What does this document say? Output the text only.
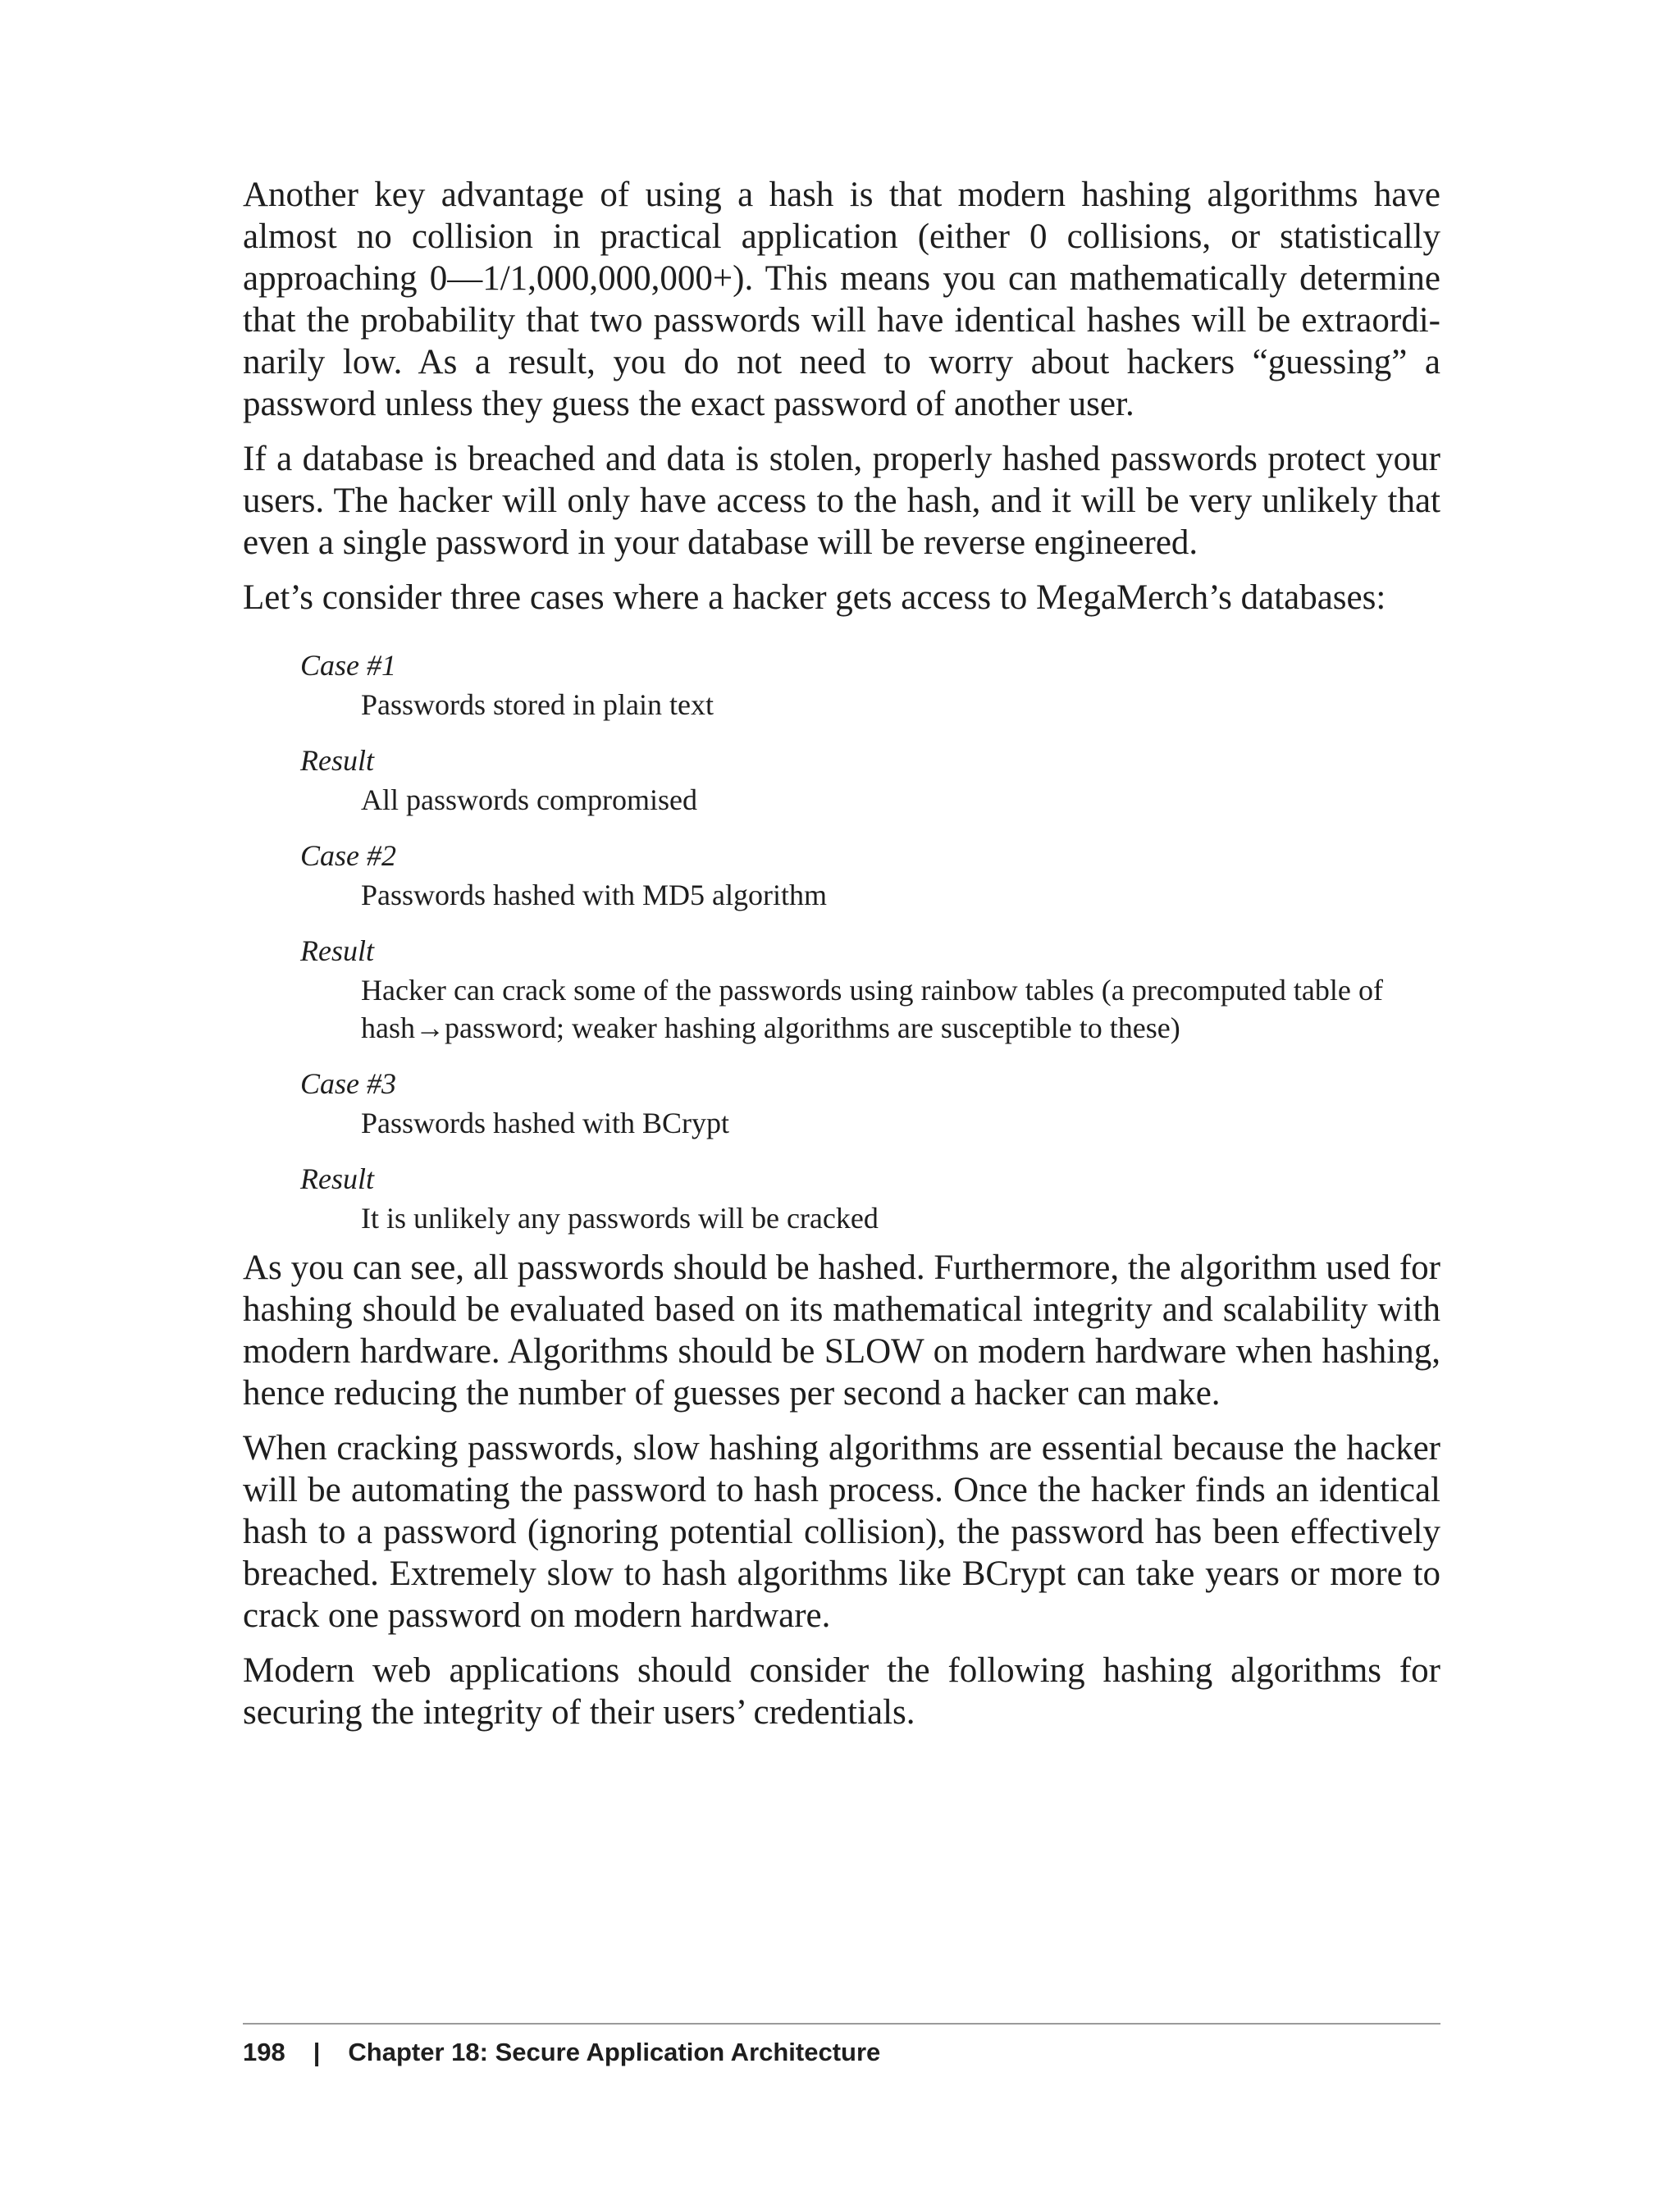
Another key advantage of using a hash is that modern hashing algorithms have almost no collision in practical application (either 0 collisions, or statistically approaching 0—1/1,000,000,000+). This means you can mathematically determine that the probability that two passwords will have identical hashes will be extraordinarily low. As a result, you do not need to worry about hackers “guessing” a password unless they guess the exact password of another user.

If a database is breached and data is stolen, properly hashed passwords protect your users. The hacker will only have access to the hash, and it will be very unlikely that even a single password in your database will be reverse engineered.

Let’s consider three cases where a hacker gets access to MegaMerch’s databases:

Case #1
Passwords stored in plain text
Result
All passwords compromised
Case #2
Passwords hashed with MD5 algorithm
Result
Hacker can crack some of the passwords using rainbow tables (a precomputed table of hash→password; weaker hashing algorithms are susceptible to these)
Case #3
Passwords hashed with BCrypt
Result
It is unlikely any passwords will be cracked

As you can see, all passwords should be hashed. Furthermore, the algorithm used for hashing should be evaluated based on its mathematical integrity and scalability with modern hardware. Algorithms should be SLOW on modern hardware when hashing, hence reducing the number of guesses per second a hacker can make.

When cracking passwords, slow hashing algorithms are essential because the hacker will be automating the password to hash process. Once the hacker finds an identical hash to a password (ignoring potential collision), the password has been effectively breached. Extremely slow to hash algorithms like BCrypt can take years or more to crack one password on modern hardware.

Modern web applications should consider the following hashing algorithms for securing the integrity of their users’ credentials.

198 | Chapter 18: Secure Application Architecture
